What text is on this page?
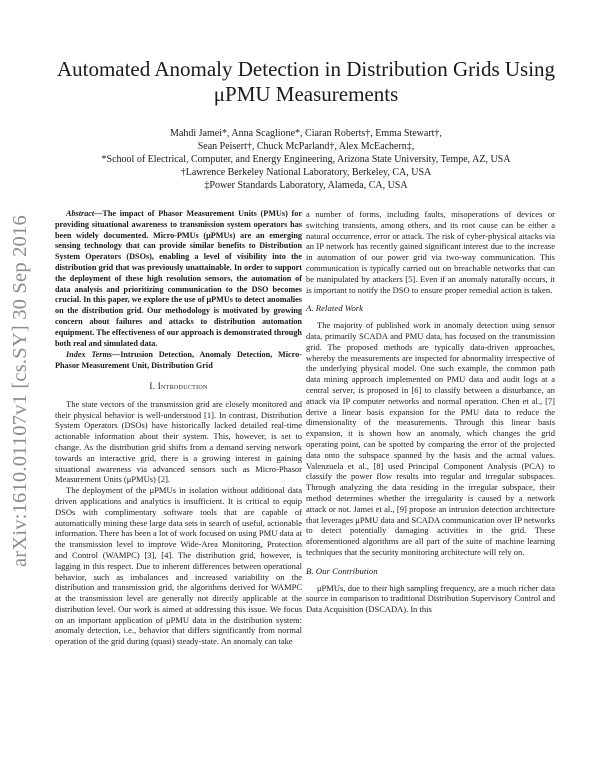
arXiv:1610.01107v1 [cs.SY] 30 Sep 2016
Automated Anomaly Detection in Distribution Grids Using μPMU Measurements
Mahdi Jamei*, Anna Scaglione*, Ciaran Roberts†, Emma Stewart†,
Sean Peisert†, Chuck McParland†, Alex McEachern‡,
*School of Electrical, Computer, and Energy Engineering, Arizona State University, Tempe, AZ, USA
†Lawrence Berkeley National Laboratory, Berkeley, CA, USA
‡Power Standards Laboratory, Alameda, CA, USA

Abstract—The impact of Phasor Measurement Units (PMUs) for providing situational awareness to transmission system operators has been widely documented. Micro-PMUs (μPMUs) are an emerging sensing technology that can provide similar benefits to Distribution System Operators (DSOs), enabling a level of visibility into the distribution grid that was previously unattainable. In order to support the deployment of these high resolution sensors, the automation of data analysis and prioritizing communication to the DSO becomes crucial. In this paper, we explore the use of μPMUs to detect anomalies on the distribution grid. Our methodology is motivated by growing concern about failures and attacks to distribution automation equipment. The effectiveness of our approach is demonstrated through both real and simulated data.

Index Terms—Intrusion Detection, Anomaly Detection, Micro-Phasor Measurement Unit, Distribution Grid

I. Introduction

The state vectors of the transmission grid are closely monitored and their physical behavior is well-understood [1]. In contrast, Distribution System Operators (DSOs) have historically lacked detailed real-time actionable information about their system. This, however, is set to change. As the distribution grid shifts from a demand serving network towards an interactive grid, there is a growing interest in gaining situational awareness via advanced sensors such as Micro-Phasor Measurement Units (μPMUs) [2].

The deployment of the μPMUs in isolation without additional data driven applications and analytics is insufficient. It is critical to equip DSOs with complimentary software tools that are capable of automatically mining these large data sets in search of useful, actionable information. There has been a lot of work focused on using PMU data at the transmission level to improve Wide-Area Monitoring, Protection and Control (WAMPC) [3], [4]. The distribution grid, however, is lagging in this respect. Due to inherent differences between operational behavior, such as imbalances and increased variability on the distribution and transmission grid, the algorithms derived for WAMPC at the transmission level are generally not directly applicable at the distribution level. Our work is aimed at addressing this issue. We focus on an important application of μPMU data in the distribution system: anomaly detection, i.e., behavior that differs significantly from normal operation of the grid during (quasi) steady-state. An anomaly can take

a number of forms, including faults, misoperations of devices or switching transients, among others, and its root cause can be either a natural occurrence, error or attack. The risk of cyber-physical attacks via an IP network has recently gained significant interest due to the increase in automation of our power grid via two-way communication. This communication is typically carried out on breachable networks that can be manipulated by attackers [5]. Even if an anomaly naturally occurs, it is important to notify the DSO to ensure proper remedial action is taken.

A. Related Work

The majority of published work in anomaly detection using sensor data, primarily SCADA and PMU data, has focused on the transmission grid. The proposed methods are typically data-driven approaches, whereby the measurements are inspected for abnormality irrespective of the underlying physical model. One such example, the common path data mining approach implemented on PMU data and audit logs at a central server, is proposed in [6] to classify between a disturbance, an attack via IP computer networks and normal operation. Chen et al., [7] derive a linear basis expansion for the PMU data to reduce the dimensionality of the measurements. Through this linear basis expansion, it is shown how an anomaly, which changes the grid operating point, can be spotted by comparing the error of the projected data onto the subspace spanned by the basis and the actual values. Valenzuela et al., [8] used Principal Component Analysis (PCA) to classify the power flow results into regular and irregular subspaces. Through analyzing the data residing in the irregular subspace, their method determines whether the irregularity is caused by a network attack or not. Jamei et al., [9] propose an intrusion detection architecture that leverages μPMU data and SCADA communication over IP networks to detect potentially damaging activities in the grid. These aforementioned algorithms are all part of the suite of machine learning techniques that the security monitoring architecture will rely on.

B. Our Contribution

μPMUs, due to their high sampling frequency, are a much richer data source in comparison to traditional Distribution Supervisory Control and Data Acquisition (DSCADA). In this
